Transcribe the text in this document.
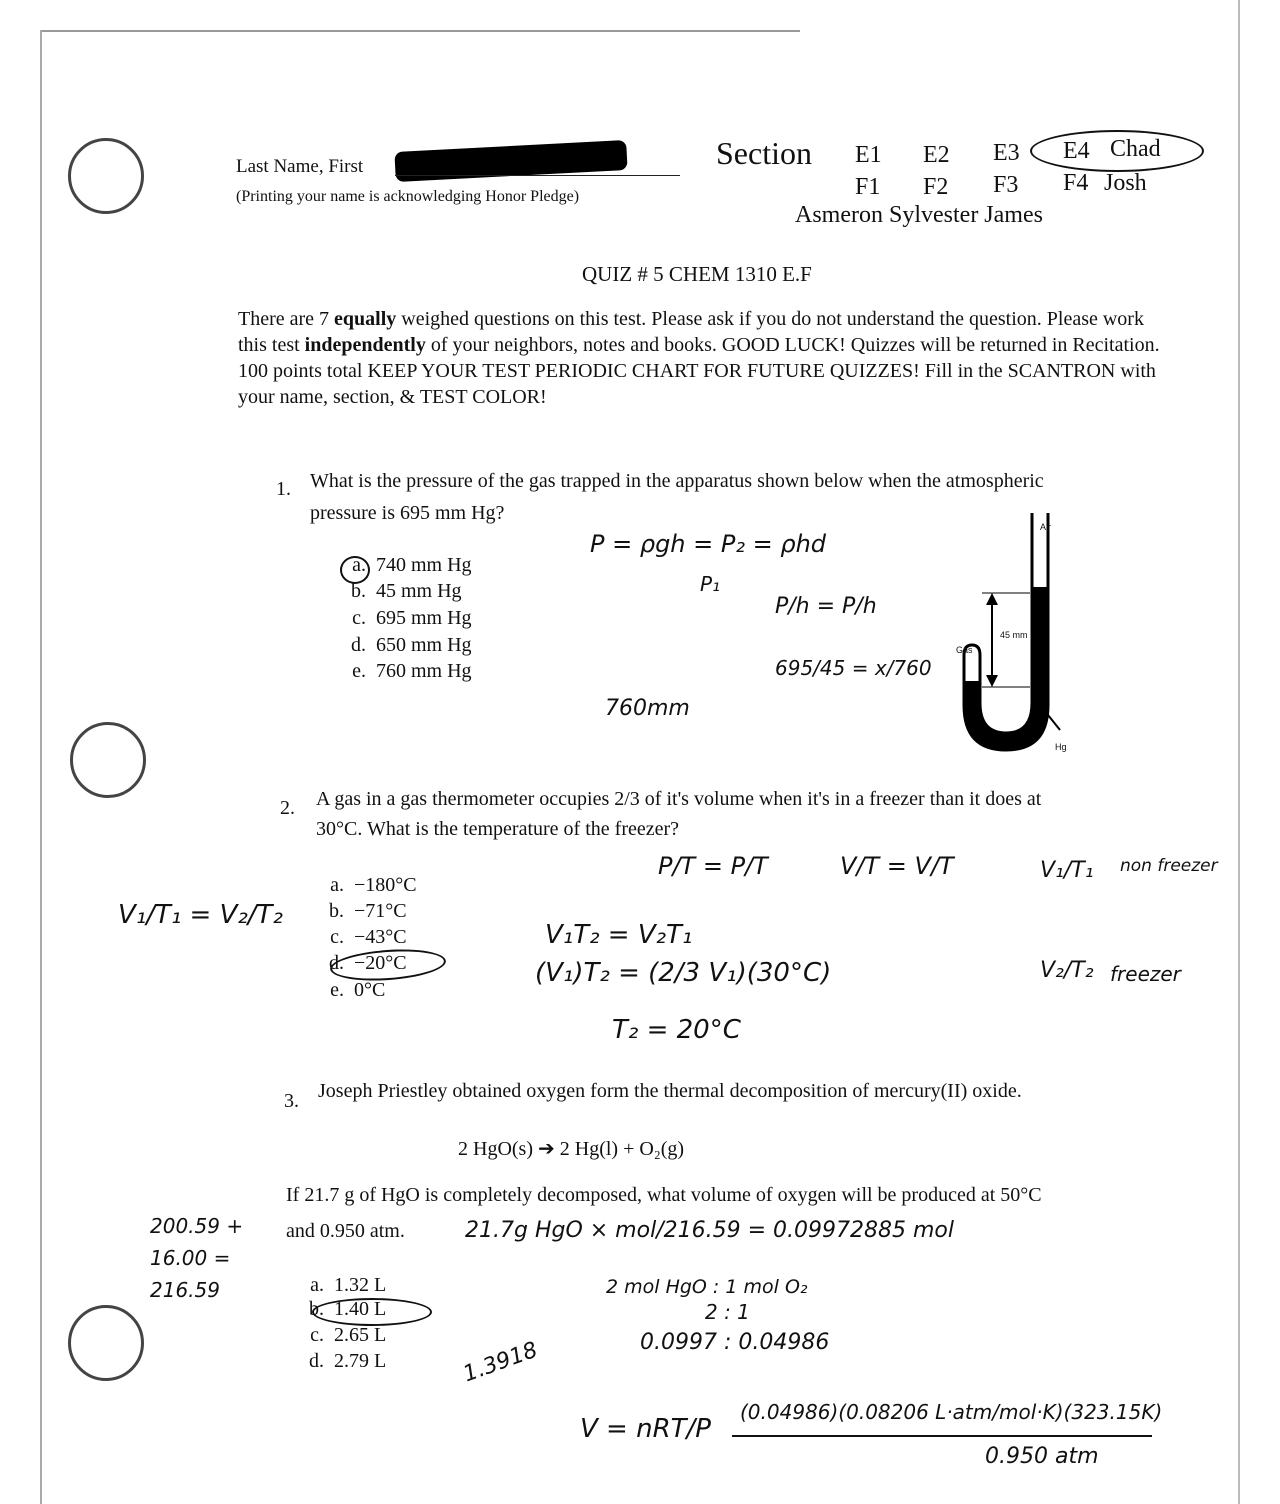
Last Name, First
(Printing your name is acknowledging Honor Pledge)
Section E1 E2 E3 E4 Chad
F1 F2 F3 F4 Josh
Asmeron Sylvester James
QUIZ # 5 CHEM 1310 E.F
There are 7 equally weighed questions on this test. Please ask if you do not understand the question. Please work this test independently of your neighbors, notes and books. GOOD LUCK! Quizzes will be returned in Recitation. 100 points total KEEP YOUR TEST PERIODIC CHART FOR FUTURE QUIZZES! Fill in the SCANTRON with your name, section, & TEST COLOR!
1. What is the pressure of the gas trapped in the apparatus shown below when the atmospheric
pressure is 695 mm Hg?
a. 740 mm Hg
b. 45 mm Hg
c. 695 mm Hg
d. 650 mm Hg
e. 760 mm Hg
P = ρgh = P₂ = ρhd
P₁
P/h = P/h
695/45 = x/760
760mm
Air
Gas
45 mm
Hg
2. A gas in a gas thermometer occupies 2/3 of it's volume when it's in a freezer than it does at
30°C. What is the temperature of the freezer?
a. −180°C
b. −71°C
c. −43°C
d. −20°C
e. 0°C
V₁/T₁ = V₂/T₂
P/T = P/T	V/T = V/T	V₁/T₁ non freezer
V₁T₂ = V₂T₁
(V₁)T₂ = (2/3 V₁)(30°C)
T₂ = 20°C
V₂/T₂ freezer
3. Joseph Priestley obtained oxygen form the thermal decomposition of mercury(II) oxide.
2 HgO(s) ➔ 2 Hg(l) + O₂(g)
If 21.7 g of HgO is completely decomposed, what volume of oxygen will be produced at 50°C
and 0.950 atm.
a. 1.32 L
b. 1.40 L
c. 2.65 L
d. 2.79 L
200.59 + 16.00 = 216.59
21.7g HgO × mol/216.59 = 0.09972885 mol
2 mol HgO : 1 mol O₂
2 : 1
0.0997 : 0.04986
1.3918
V = nRT/P
(0.04986)(0.08206 L·atm/mol·K)(323.15K)
0.950 atm
